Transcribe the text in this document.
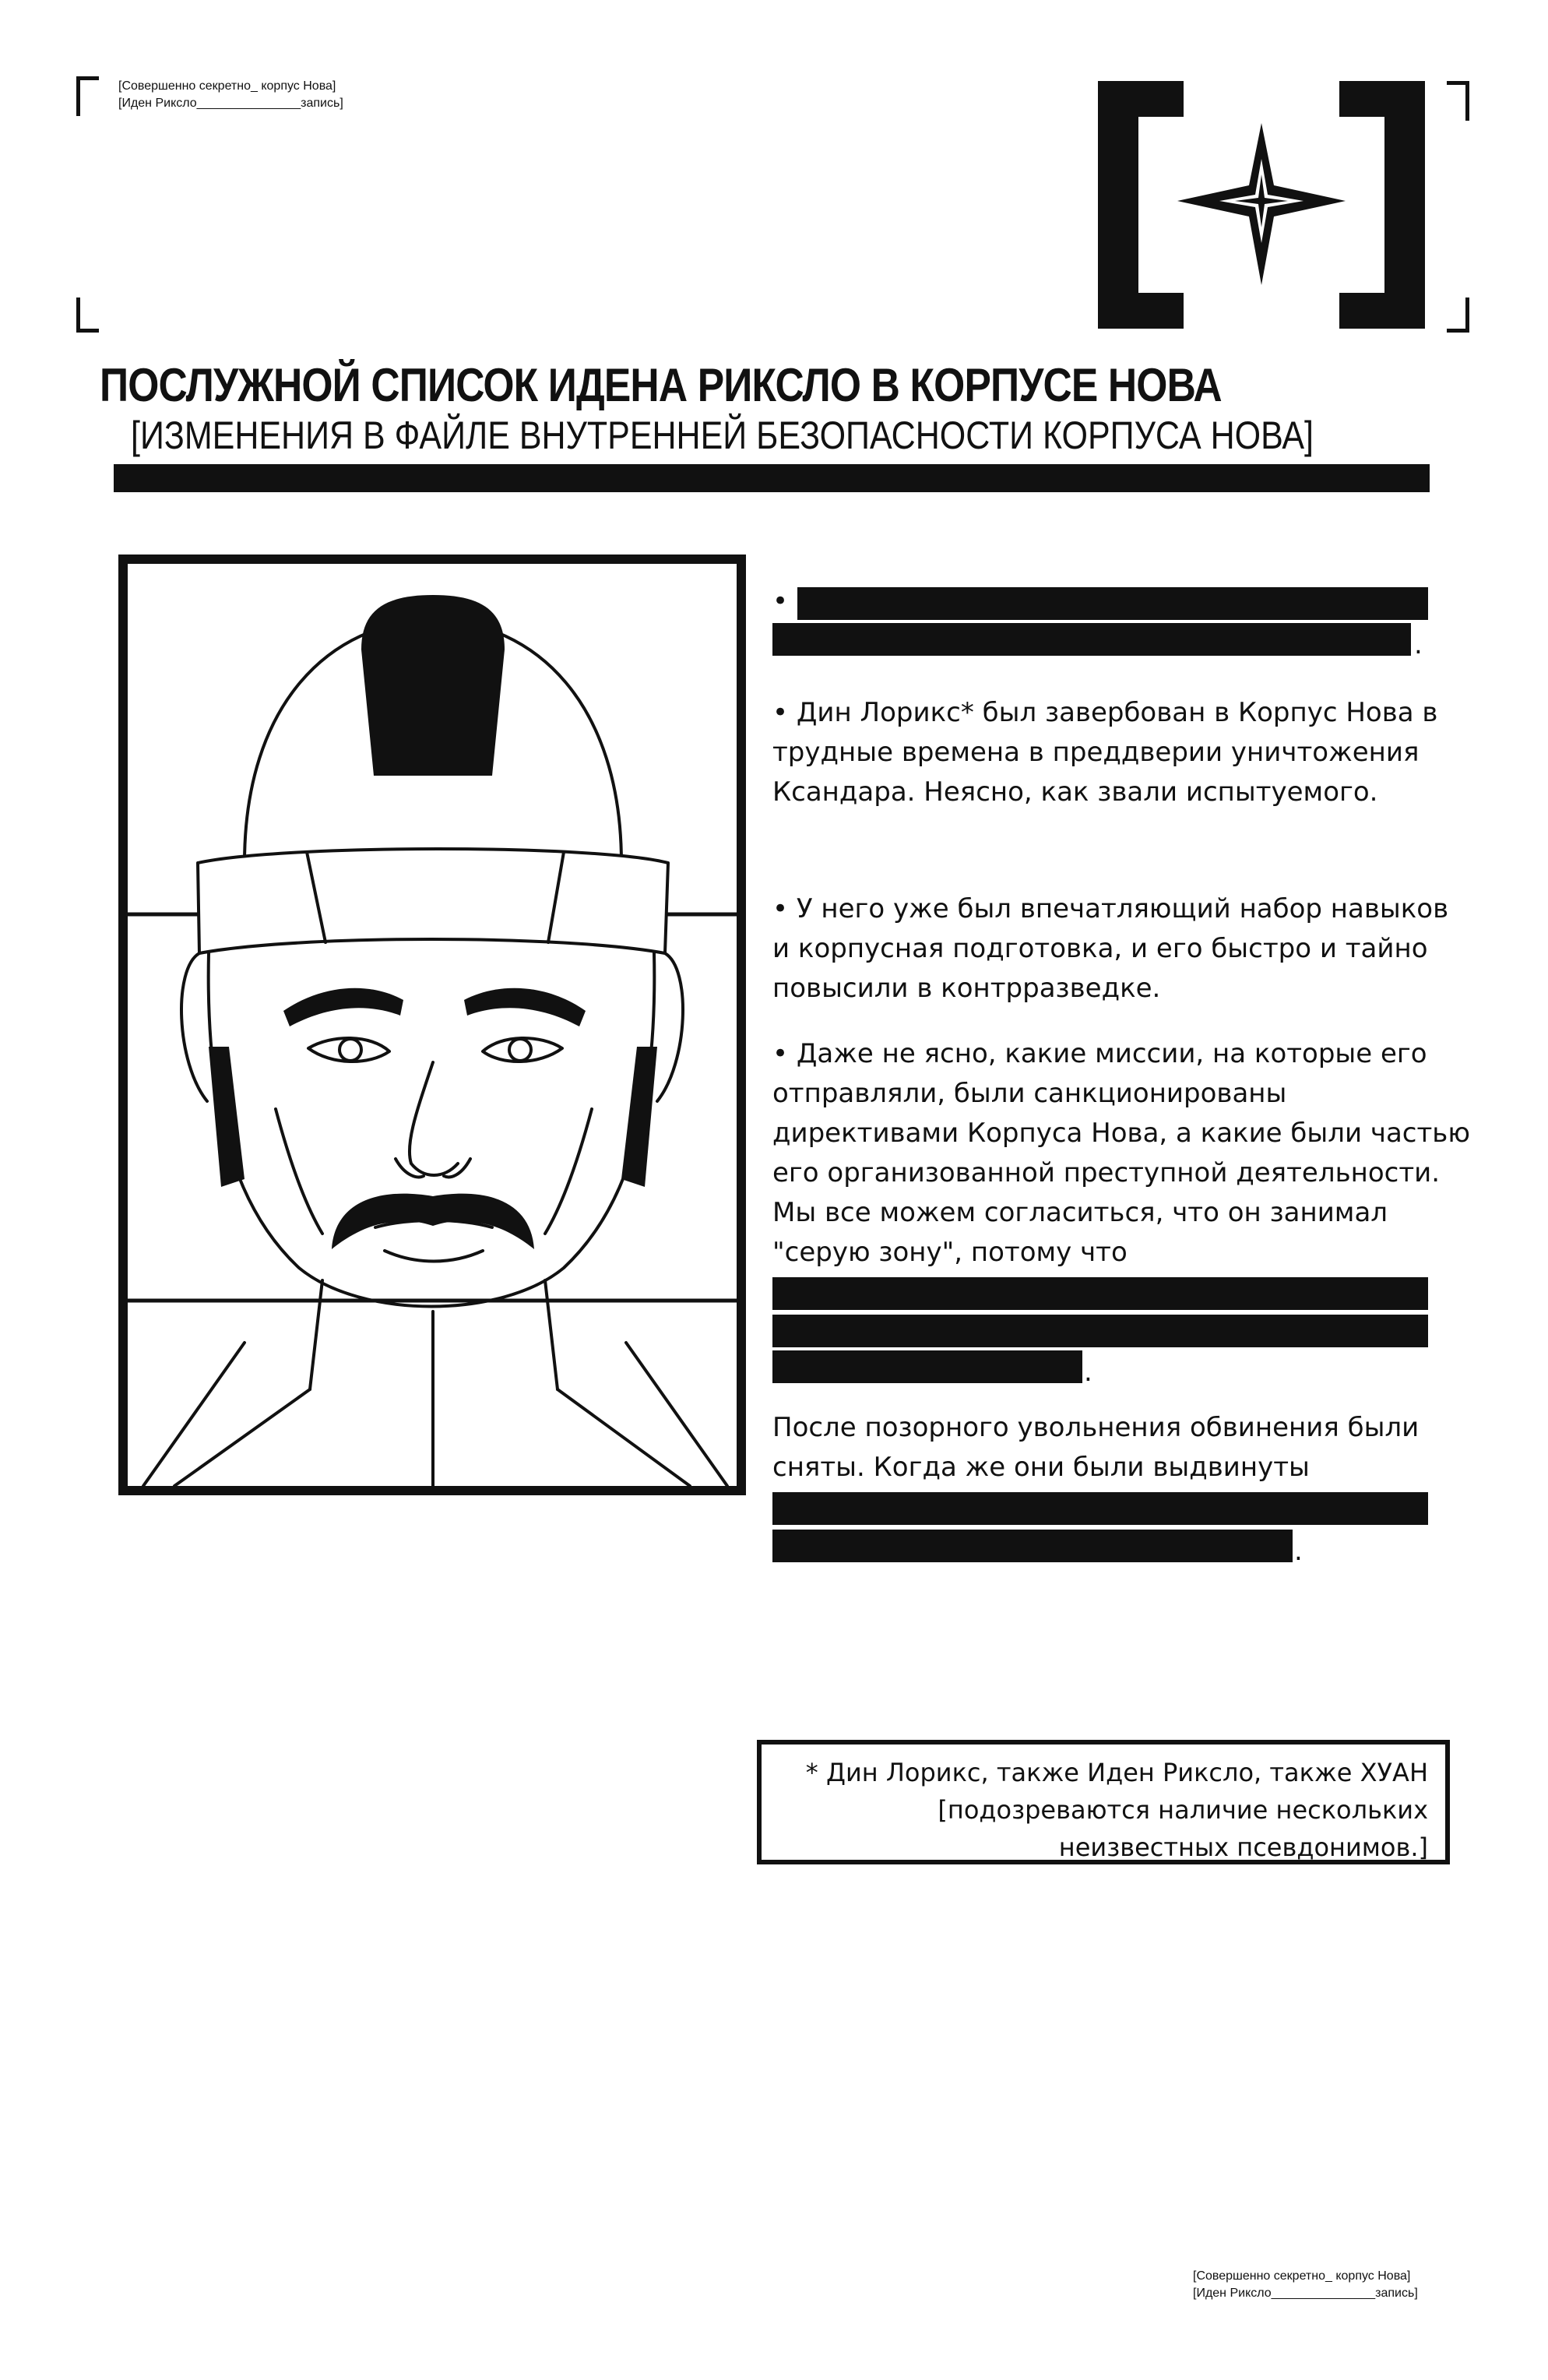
[Совершенно секретно_ корпус Нова]
[Иден Риксло_______________запись]
ПОСЛУЖНОЙ СПИСОК ИДЕНА РИКСЛО В КОРПУСЕ НОВА
[ИЗМЕНЕНИЯ В ФАЙЛЕ ВНУТРЕННЕЙ БЕЗОПАСНОСТИ КОРПУСА НОВА]
•
.
• Дин Лорикс* был завербован в Корпус Нова в трудные времена в преддверии уничтожения Ксандара. Неясно, как звали испытуемого.
• У него уже был впечатляющий набор навыков и корпусная подготовка, и его быстро и тайно повысили в контрразведке.
• Даже не ясно, какие миссии, на которые его отправляли, были санкционированы директивами Корпуса Нова, а какие были частью его организованной преступной деятельности. Мы все можем согласиться, что он занимал "серую зону", потому что
.
После позорного увольнения обвинения были сняты. Когда же они были выдвинуты
.
* Дин Лорикс, также Иден Риксло, также ХУАН [подозреваются наличие нескольких неизвестных псевдонимов.]
[Совершенно секретно_ корпус Нова]
[Иден Риксло_______________запись]
